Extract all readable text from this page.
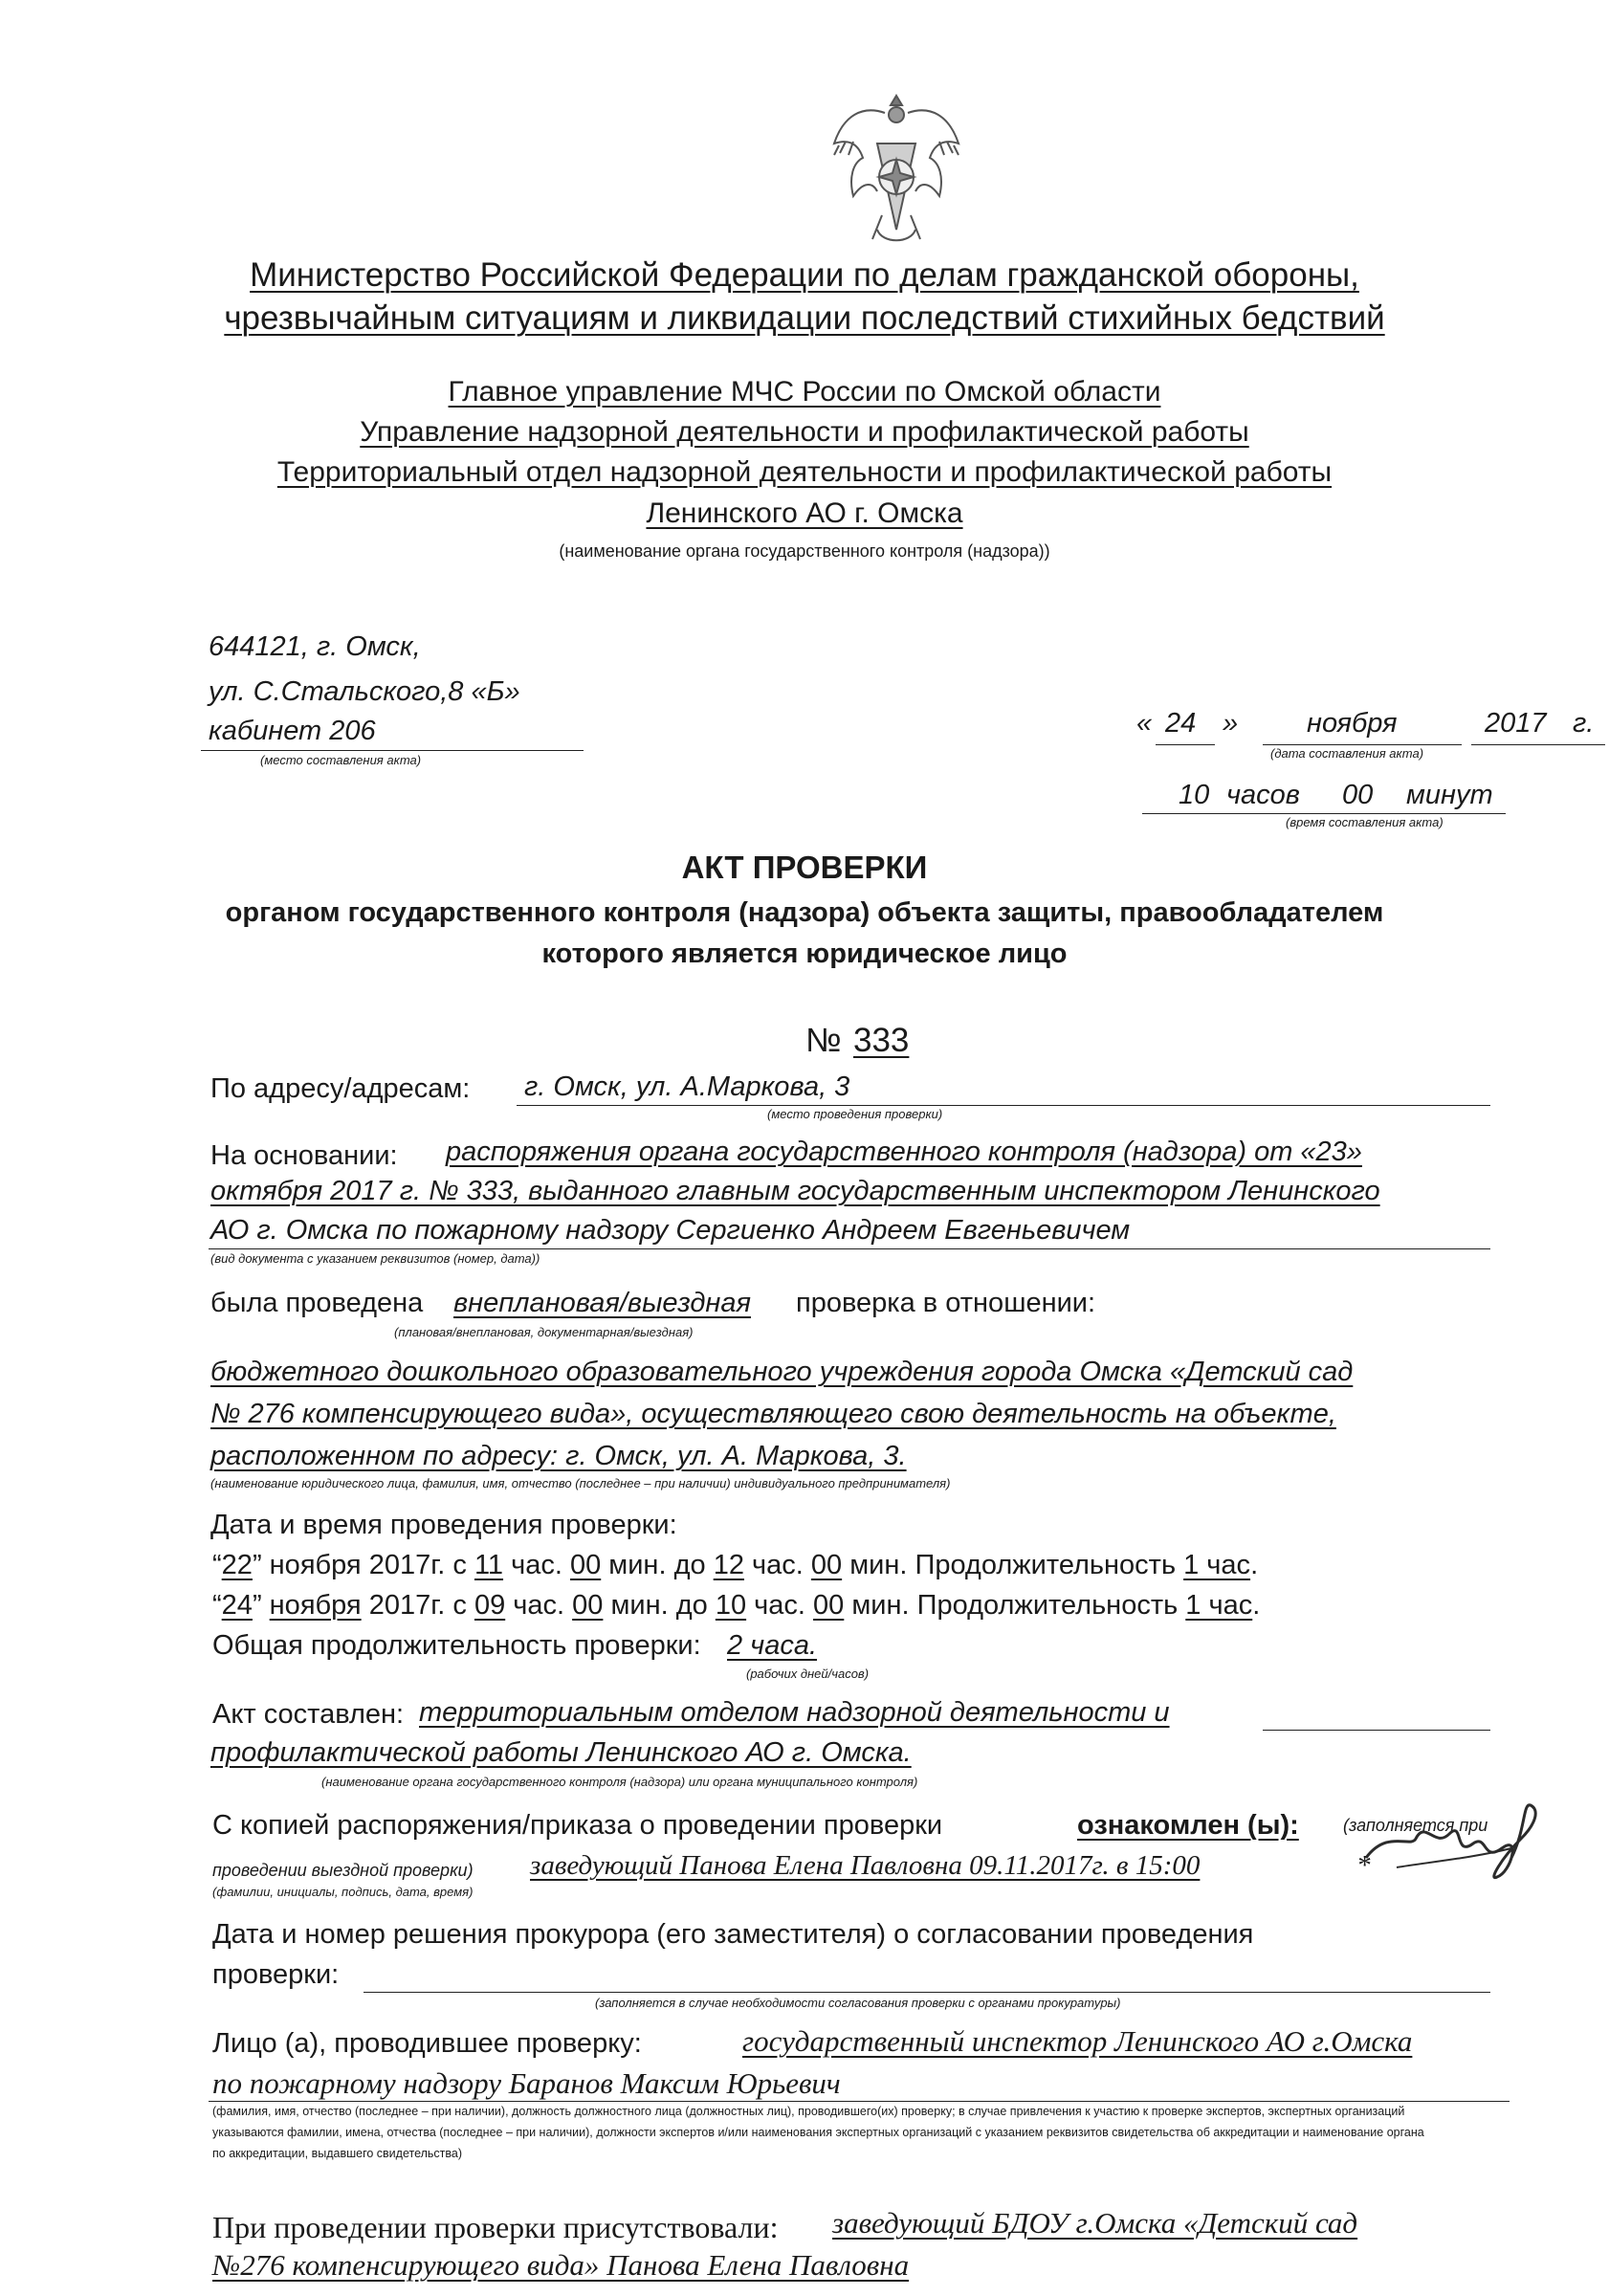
Министерство Российской Федерации по делам гражданской обороны,
чрезвычайным ситуациям и ликвидации последствий стихийных бедствий
Главное управление МЧС России по Омской области
Управление надзорной деятельности и профилактической работы
Территориальный отдел надзорной деятельности и профилактической работы
Ленинского АО г. Омска
(наименование органа государственного контроля (надзора))
644121, г. Омск,
ул. С.Стальского,8 «Б»
кабинет 206
(место составления акта)
« 24 » ноября	2017 г.
(дата составления акта)
10 часов 00 минут
(время составления акта)
АКТ ПРОВЕРКИ
органом государственного контроля (надзора) объекта защиты, правообладателем
которого является юридическое лицо
№ 333
По адресу/адресам: г. Омск, ул. А.Маркова, 3
(место проведения проверки)
На основании: распоряжения органа государственного контроля (надзора) от «23»
октября 2017 г. № 333, выданного главным государственным инспектором Ленинского
АО г. Омска по пожарному надзору Сергиенко Андреем Евгеньевичем
(вид документа с указанием реквизитов (номер, дата))
была проведена внеплановая/выездная проверка в отношении:
(плановая/внеплановая, документарная/выездная)
бюджетного дошкольного образовательного учреждения города Омска «Детский сад
№ 276 компенсирующего вида», осуществляющего свою деятельность на объекте,
расположенном по адресу: г. Омск, ул. А. Маркова, 3.
(наименование юридического лица, фамилия, имя, отчество (последнее – при наличии) индивидуального предпринимателя)
Дата и время проведения проверки:
“22” ноября 2017г. с 11 час. 00 мин. до 12 час. 00 мин. Продолжительность 1 час.
“24” ноября 2017г. с 09 час. 00 мин. до 10 час. 00 мин. Продолжительность 1 час.
Общая продолжительность проверки: 2 часа.
(рабочих дней/часов)
Акт составлен: территориальным отделом надзорной деятельности и
профилактической работы Ленинского АО г. Омска.
(наименование органа государственного контроля (надзора) или органа муниципального контроля)
С копией распоряжения/приказа о проведении проверки	ознакомлен (ы):	(заполняется при
проведении выездной проверки) заведующий Панова Елена Павловна 09.11.2017г. в 15:00	*
(фамилии, инициалы, подпись, дата, время)
Дата и номер решения прокурора (его заместителя) о согласовании проведения
проверки:
(заполняется в случае необходимости согласования проверки с органами прокуратуры)
Лицо (а), проводившее проверку:	государственный инспектор Ленинского АО г.Омска
по пожарному надзору Баранов Максим Юрьевич
(фамилия, имя, отчество (последнее – при наличии), должность должностного лица (должностных лиц), проводившего(их) проверку; в случае привлечения к участию к проверке экспертов, экспертных организаций
указываются фамилии, имена, отчества (последнее – при наличии), должности экспертов и/или наименования экспертных организаций с указанием реквизитов свидетельства об аккредитации и наименование органа
по аккредитации, выдавшего свидетельства)
При проведении проверки присутствовали: заведующий БДОУ г.Омска «Детский сад
№276 компенсирующего вида» Панова Елена Павловна
